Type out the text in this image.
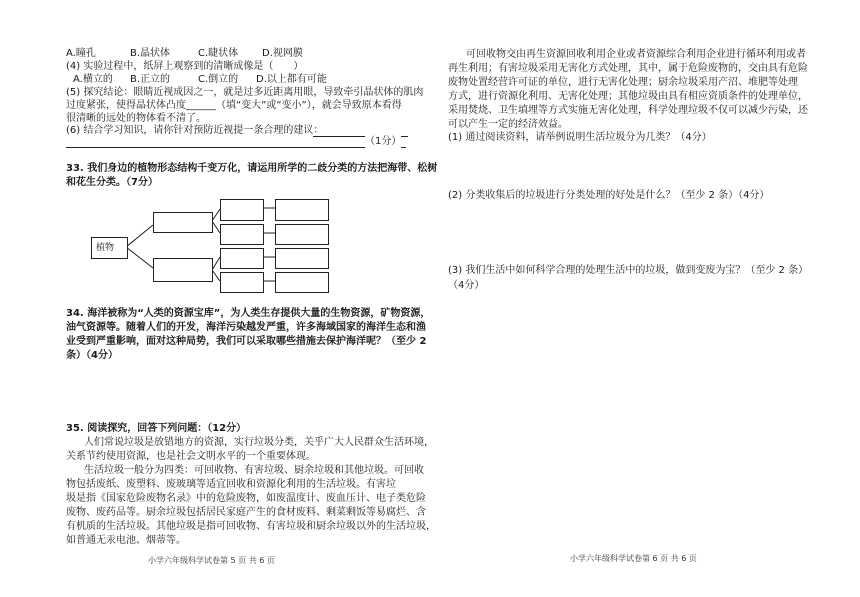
A.瞳孔	B.晶状体	C.睫状体 D.视网膜
(4) 实验过程中，纸屏上观察到的清晰成像是（　　）
A.横立的 B.正立的	C.倒立的 D.以上都有可能
(5) 探究结论：眼睛近视成因之一，就是过多近距离用眼，导致牵引晶状体的肌肉
过度紧张，使得晶状体凸度______（填“变大”或“变小”），就会导致原本看得
很清晰的远处的物体看不清了。
(6) 结合学习知识，请你针对预防近视提一条合理的建议：
（1分）
33. 我们身边的植物形态结构千变万化，请运用所学的二歧分类的方法把海带、松树
和花生分类。（7分）
植物
34. 海洋被称为“人类的资源宝库”，为人类生存提供大量的生物资源，矿物资源，
油气资源等。随着人们的开发，海洋污染越发严重，许多海域国家的海洋生态和渔
业受到严重影响，面对这种局势，我们可以采取哪些措施去保护海洋呢？（至少 2
条）（4分）
35. 阅读探究，回答下列问题：（12分）
人们常说垃圾是放错地方的资源，实行垃圾分类，关乎广大人民群众生活环境，
关系节约使用资源，也是社会文明水平的一个重要体现。
生活垃圾一般分为四类：可回收物、有害垃圾、厨余垃圾和其他垃圾。可回收
物包括废纸、废塑料、废玻璃等适宜回收和资源化利用的生活垃圾。有害垃
圾是指《国家危险废物名录》中的危险废物，如废温度计、废血压计、电子类危险
废物、废药品等。厨余垃圾包括居民家庭产生的食材废料、剩菜剩饭等易腐烂、含
有机质的生活垃圾。其他垃圾是指可回收物、有害垃圾和厨余垃圾以外的生活垃圾，
如普通无汞电池、烟蒂等。
小学六年级科学试卷第 5 页 共 6 页
可回收物交由再生资源回收利用企业或者资源综合利用企业进行循环利用或者
再生利用；有害垃圾采用无害化方式处理，其中，属于危险废物的，交由具有危险
废物处置经营许可证的单位，进行无害化处理；厨余垃圾采用产沼、堆肥等处理
方式，进行资源化利用、无害化处理；其他垃圾由具有相应资质条件的处理单位，
采用焚烧、卫生填埋等方式实施无害化处理，科学处理垃圾不仅可以减少污染，还
可以产生一定的经济效益。
(1) 通过阅读资料，请举例说明生活垃圾分为几类？（4分）
(2) 分类收集后的垃圾进行分类处理的好处是什么？（至少 2 条）（4分）
(3) 我们生活中如何科学合理的处理生活中的垃圾，做到变废为宝？（至少 2 条）
（4分）
小学六年级科学试卷第 6 页 共 6 页
